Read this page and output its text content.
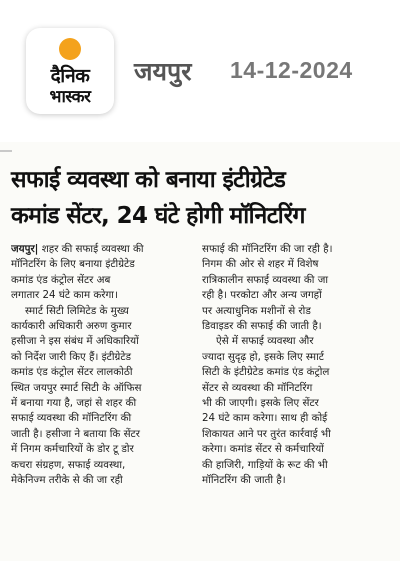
दैनिक
भास्कर
जयपुर 14-12-2024
सफाई व्यवस्था को बनाया इंटीग्रेटेड
कमांड सेंटर, 24 घंटे होगी मॉनिटरिंग
जयपुर| शहर की सफाई व्यवस्था की
मॉनिटरिंग के लिए बनाया इंटीग्रेटेड
कमांड एंड कंट्रोल सेंटर अब
लगातार 24 घंटे काम करेगा।
स्मार्ट सिटी लिमिटेड के मुख्य
कार्यकारी अधिकारी अरुण कुमार
हसीजा ने इस संबंध में अधिकारियों
को निर्देश जारी किए हैं। इंटीग्रेटेड
कमांड एंड कंट्रोल सेंटर लालकोठी
स्थित जयपुर स्मार्ट सिटी के ऑफिस
में बनाया गया है, जहां से शहर की
सफाई व्यवस्था की मॉनिटरिंग की
जाती है। हसीजा ने बताया कि सेंटर
में निगम कर्मचारियों के डोर टू डोर
कचरा संग्रहण, सफाई व्यवस्था,
मेकेनिज्म तरीके से की जा रही
सफाई की मॉनिटरिंग की जा रही है।
निगम की ओर से शहर में विशेष
रात्रिकालीन सफाई व्यवस्था की जा
रही है। परकोटा और अन्य जगहों
पर अत्याधुनिक मशीनों से रोड
डिवाइडर की सफाई की जाती है।
ऐसे में सफाई व्यवस्था और
ज्यादा सुदृढ़ हो, इसके लिए स्मार्ट
सिटी के इंटीग्रेटेड कमांड एंड कंट्रोल
सेंटर से व्यवस्था की मॉनिटरिंग
भी की जाएगी। इसके लिए सेंटर
24 घंटे काम करेगा। साथ ही कोई
शिकायत आने पर तुरंत कार्रवाई भी
करेगा। कमांड सेंटर से कर्मचारियों
की हाजिरी, गाड़ियों के रूट की भी
मॉनिटरिंग की जाती है।
